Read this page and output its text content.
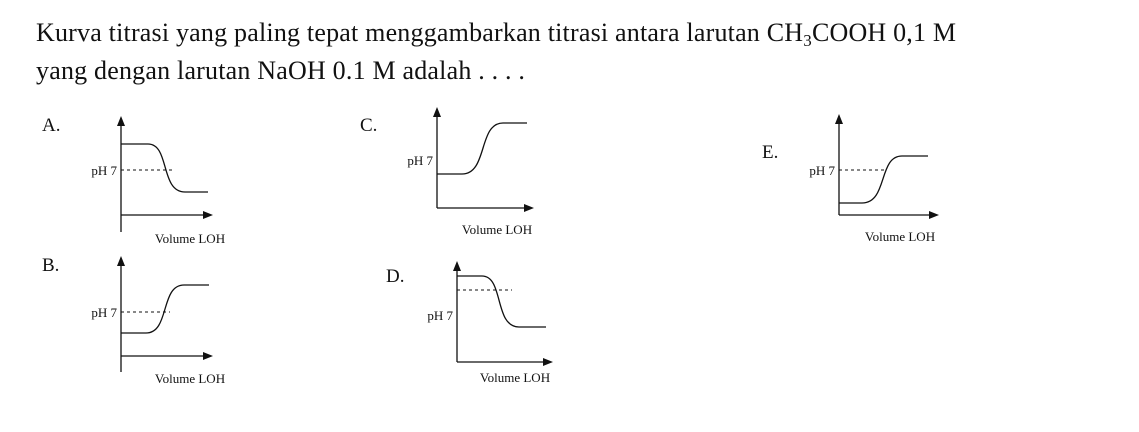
Kurva titrasi yang paling tepat menggambarkan titrasi antara larutan $CH_3COOH$ 0,1 M
yang dengan larutan NaOH 0.1 M adalah . . . .
A.
pH 7
Volume LOH
B.
pH 7
Volume LOH
C.
pH 7
Volume LOH
D.
pH 7
Volume LOH
E.
pH 7
Volume LOH
